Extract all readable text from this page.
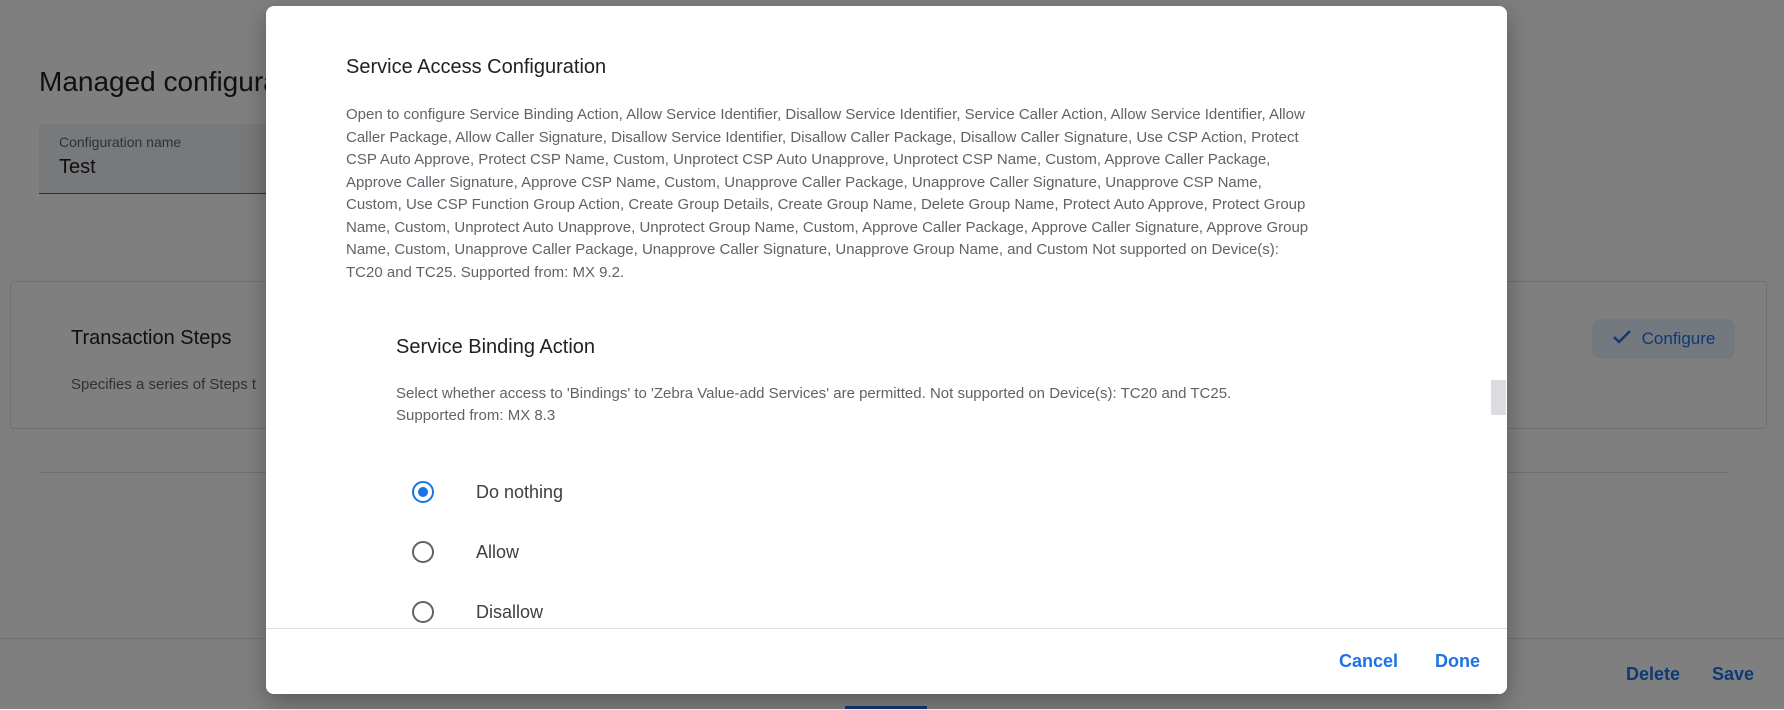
Service Access Configuration
Open to configure Service Binding Action, Allow Service Identifier, Disallow Service Identifier, Service Caller Action, Allow Service Identifier, Allow Caller Package, Allow Caller Signature, Disallow Service Identifier, Disallow Caller Package, Disallow Caller Signature, Use CSP Action, Protect CSP Auto Approve, Protect CSP Name, Custom, Unprotect CSP Auto Unapprove, Unprotect CSP Name, Custom, Approve Caller Package, Approve Caller Signature, Approve CSP Name, Custom, Unapprove Caller Package, Unapprove Caller Signature, Unapprove CSP Name, Custom, Use CSP Function Group Action, Create Group Details, Create Group Name, Delete Group Name, Protect Auto Approve, Protect Group Name, Custom, Unprotect Auto Unapprove, Unprotect Group Name, Custom, Approve Caller Package, Approve Caller Signature, Approve Group Name, Custom, Unapprove Caller Package, Unapprove Caller Signature, Unapprove Group Name, and Custom Not supported on Device(s): TC20 and TC25. Supported from: MX 9.2.
Service Binding Action
Select whether access to 'Bindings' to 'Zebra Value-add Services' are permitted. Not supported on Device(s): TC20 and TC25. Supported from: MX 8.3
Do nothing
Allow
Disallow
Cancel Done
